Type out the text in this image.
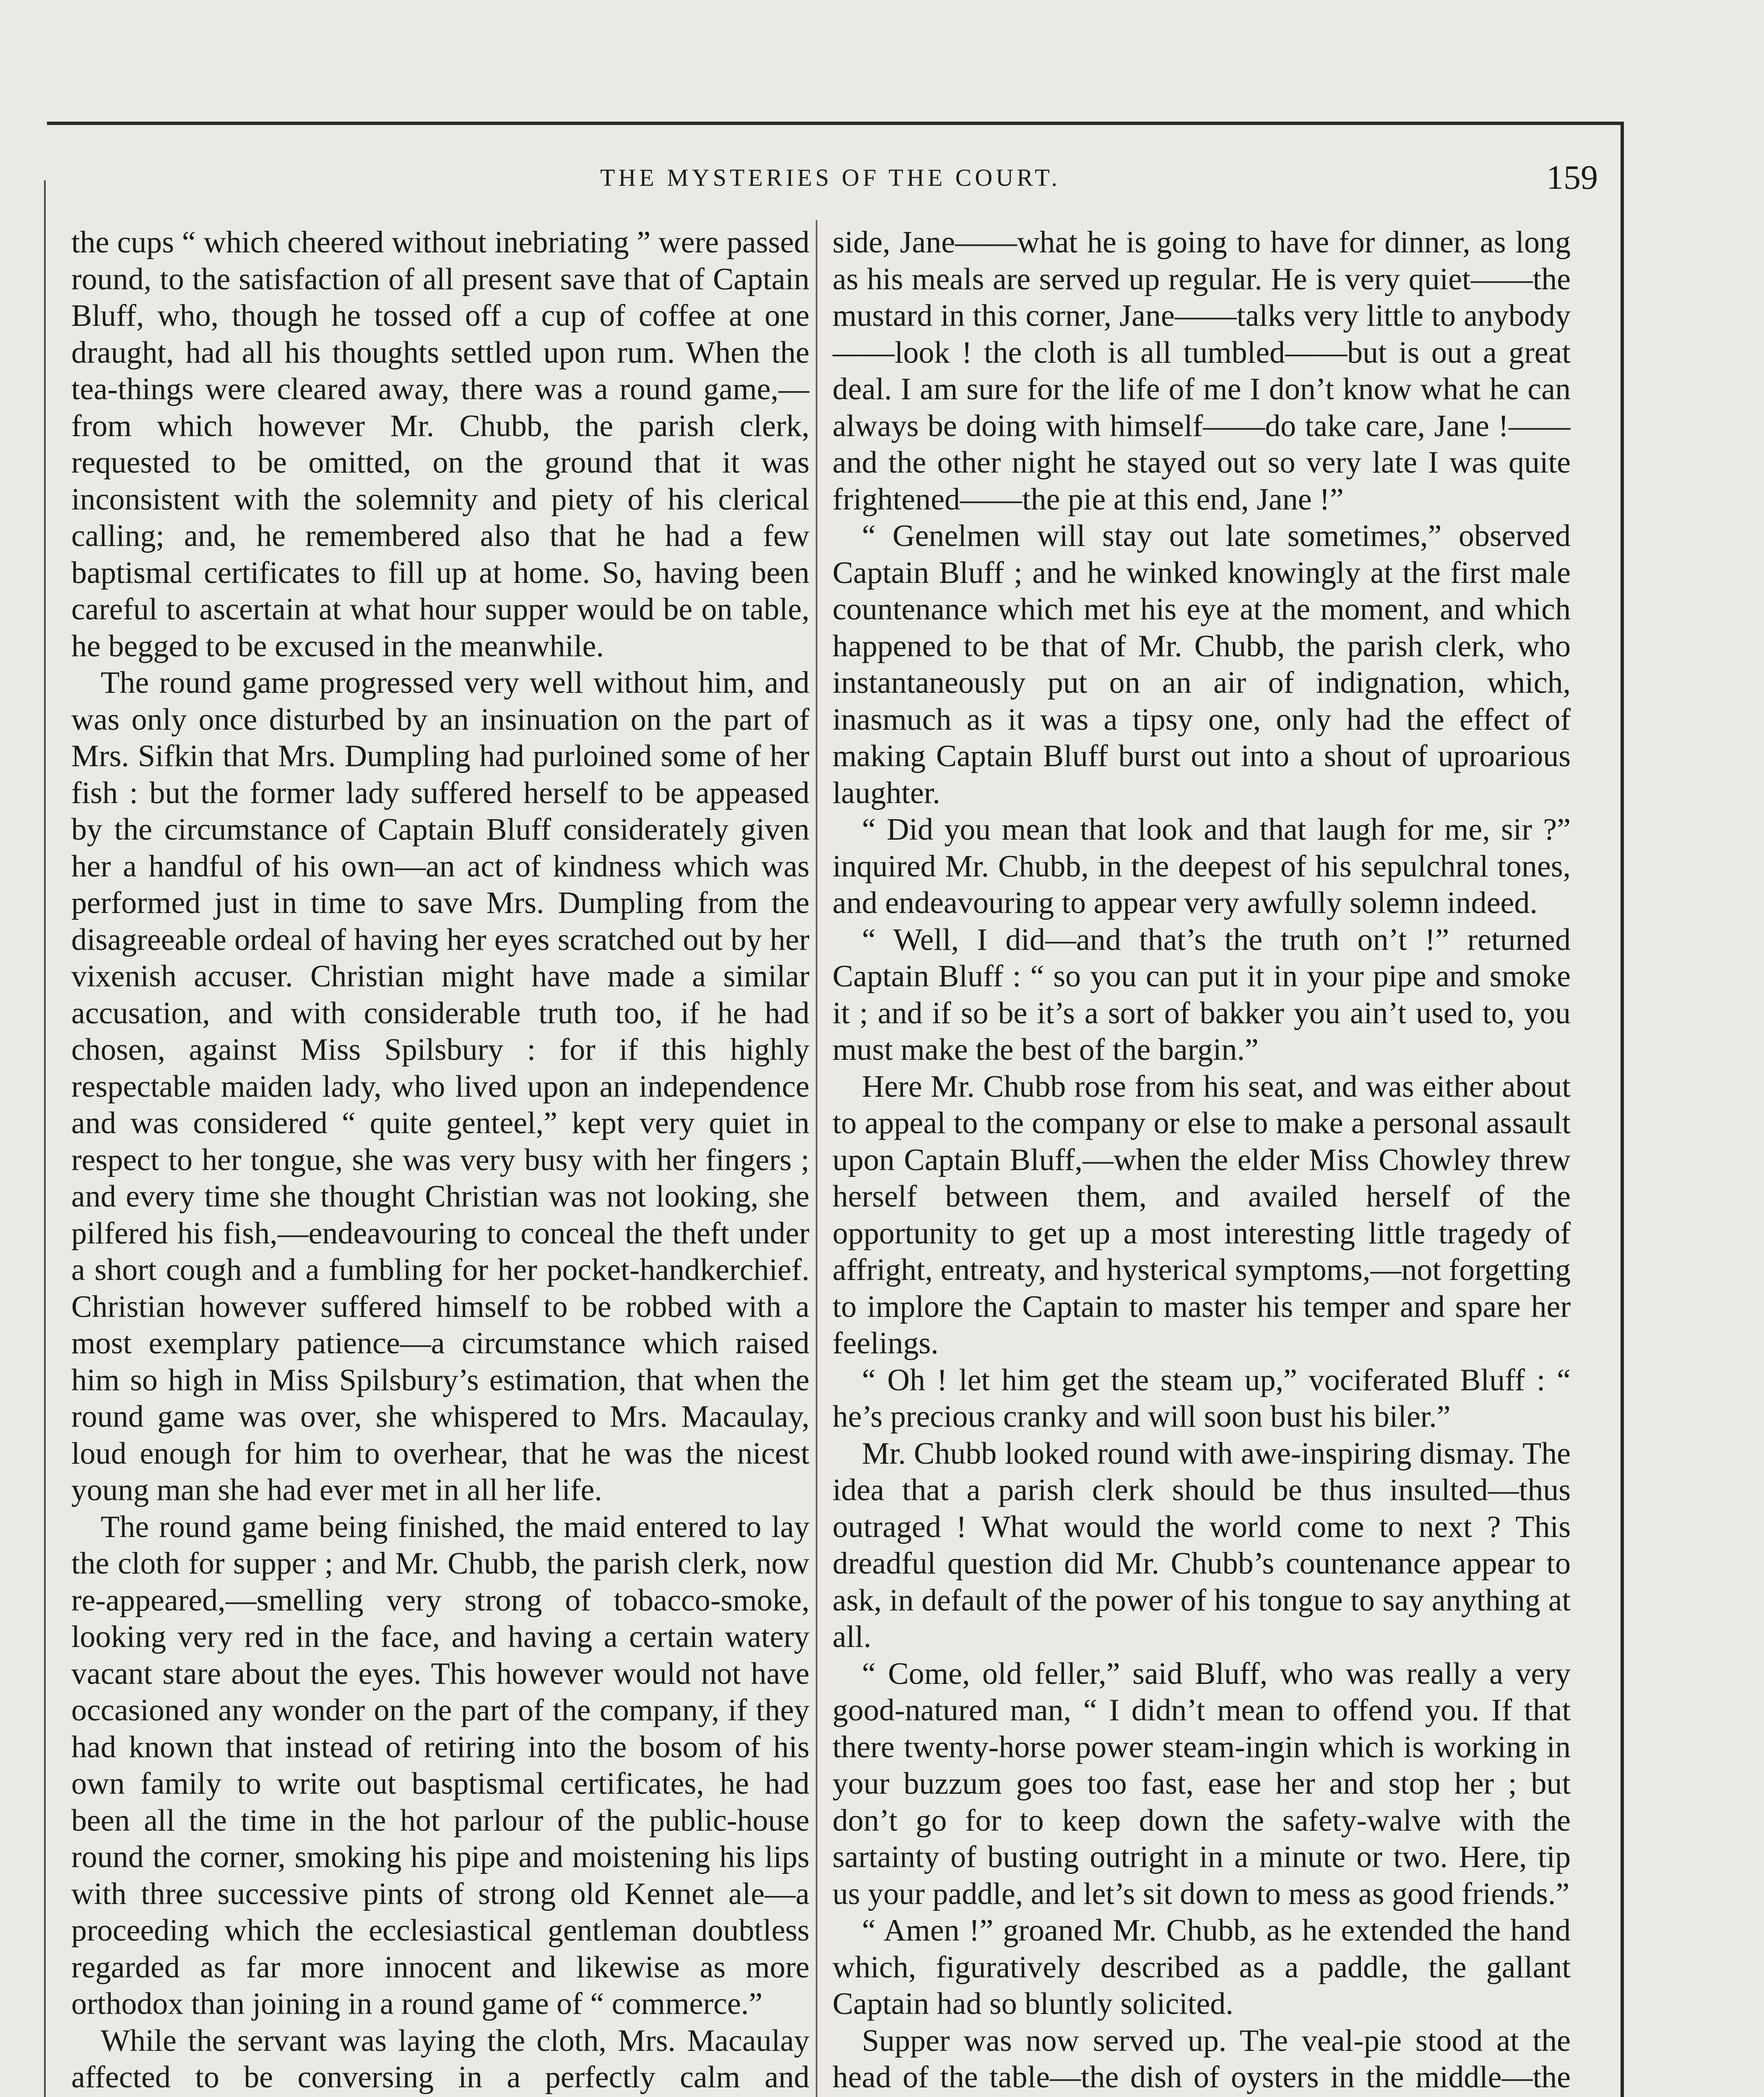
THE MYSTERIES OF THE COURT.	159

the cups “ which cheered without inebriating ” were passed round, to the satisfaction of all present save that of Captain Bluff, who, though he tossed off a cup of coffee at one draught, had all his thoughts settled upon rum. When the tea-things were cleared away, there was a round game,—from which however Mr. Chubb, the parish clerk, requested to be omitted, on the ground that it was inconsistent with the solemnity and piety of his clerical calling; and, he remembered also that he had a few baptismal certificates to fill up at home. So, having been careful to ascertain at what hour supper would be on table, he begged to be excused in the meanwhile.

The round game progressed very well without him, and was only once disturbed by an insinuation on the part of Mrs. Sifkin that Mrs. Dumpling had purloined some of her fish : but the former lady suffered herself to be appeased by the circumstance of Captain Bluff considerately given her a handful of his own—an act of kindness which was performed just in time to save Mrs. Dumpling from the disagreeable ordeal of having her eyes scratched out by her vixenish accuser. Christian might have made a similar accusation, and with considerable truth too, if he had chosen, against Miss Spilsbury : for if this highly respectable maiden lady, who lived upon an independence and was considered “ quite genteel,” kept very quiet in respect to her tongue, she was very busy with her fingers ; and every time she thought Christian was not looking, she pilfered his fish,—endeavouring to conceal the theft under a short cough and a fumbling for her pocket-handkerchief. Christian however suffered himself to be robbed with a most exemplary patience—a circumstance which raised him so high in Miss Spilsbury’s estimation, that when the round game was over, she whispered to Mrs. Macaulay, loud enough for him to overhear, that he was the nicest young man she had ever met in all her life.

The round game being finished, the maid entered to lay the cloth for supper ; and Mr. Chubb, the parish clerk, now re-appeared,—smelling very strong of tobacco-smoke, looking very red in the face, and having a certain watery vacant stare about the eyes. This however would not have occasioned any wonder on the part of the company, if they had known that instead of retiring into the bosom of his own family to write out basptismal certificates, he had been all the time in the hot parlour of the public-house round the corner, smoking his pipe and moistening his lips with three successive pints of strong old Kennet ale—a proceeding which the ecclesiastical gentleman doubtless regarded as far more innocent and likewise as more orthodox than joining in a round game of “ commerce.”

While the servant was laying the cloth, Mrs. Macaulay affected to be conversing in a perfectly calm and

side, Jane——what he is going to have for dinner, as long as his meals are served up regular. He is very quiet——the mustard in this corner, Jane——talks very little to anybody——look ! the cloth is all tumbled——but is out a great deal. I am sure for the life of me I don’t know what he can always be doing with himself——do take care, Jane !——and the other night he stayed out so very late I was quite frightened——the pie at this end, Jane !”

“ Genelmen will stay out late sometimes,” observed Captain Bluff ; and he winked knowingly at the first male countenance which met his eye at the moment, and which happened to be that of Mr. Chubb, the parish clerk, who instantaneously put on an air of indignation, which, inasmuch as it was a tipsy one, only had the effect of making Captain Bluff burst out into a shout of uproarious laughter.

“ Did you mean that look and that laugh for me, sir ?” inquired Mr. Chubb, in the deepest of his sepulchral tones, and endeavouring to appear very awfully solemn indeed.

“ Well, I did—and that’s the truth on’t !” returned Captain Bluff : “ so you can put it in your pipe and smoke it ; and if so be it’s a sort of bakker you ain’t used to, you must make the best of the bargin.”

Here Mr. Chubb rose from his seat, and was either about to appeal to the company or else to make a personal assault upon Captain Bluff,—when the elder Miss Chowley threw herself between them, and availed herself of the opportunity to get up a most interesting little tragedy of affright, entreaty, and hysterical symptoms,—not forgetting to implore the Captain to master his temper and spare her feelings.

“ Oh ! let him get the steam up,” vociferated Bluff : “ he’s precious cranky and will soon bust his biler.”

Mr. Chubb looked round with awe-inspiring dismay. The idea that a parish clerk should be thus insulted—thus outraged ! What would the world come to next ? This dreadful question did Mr. Chubb’s countenance appear to ask, in default of the power of his tongue to say anything at all.

“ Come, old feller,” said Bluff, who was really a very good-natured man, “ I didn’t mean to offend you. If that there twenty-horse power steam-ingin which is working in your buzzum goes too fast, ease her and stop her ; but don’t go for to keep down the safety-walve with the sartainty of busting outright in a minute or two. Here, tip us your paddle, and let’s sit down to mess as good friends.”

“ Amen !” groaned Mr. Chubb, as he extended the hand which, figuratively described as a paddle, the gallant Captain had so bluntly solicited.

Supper was now served up. The veal-pie stood at the head of the table—the dish of oysters in the middle—the
